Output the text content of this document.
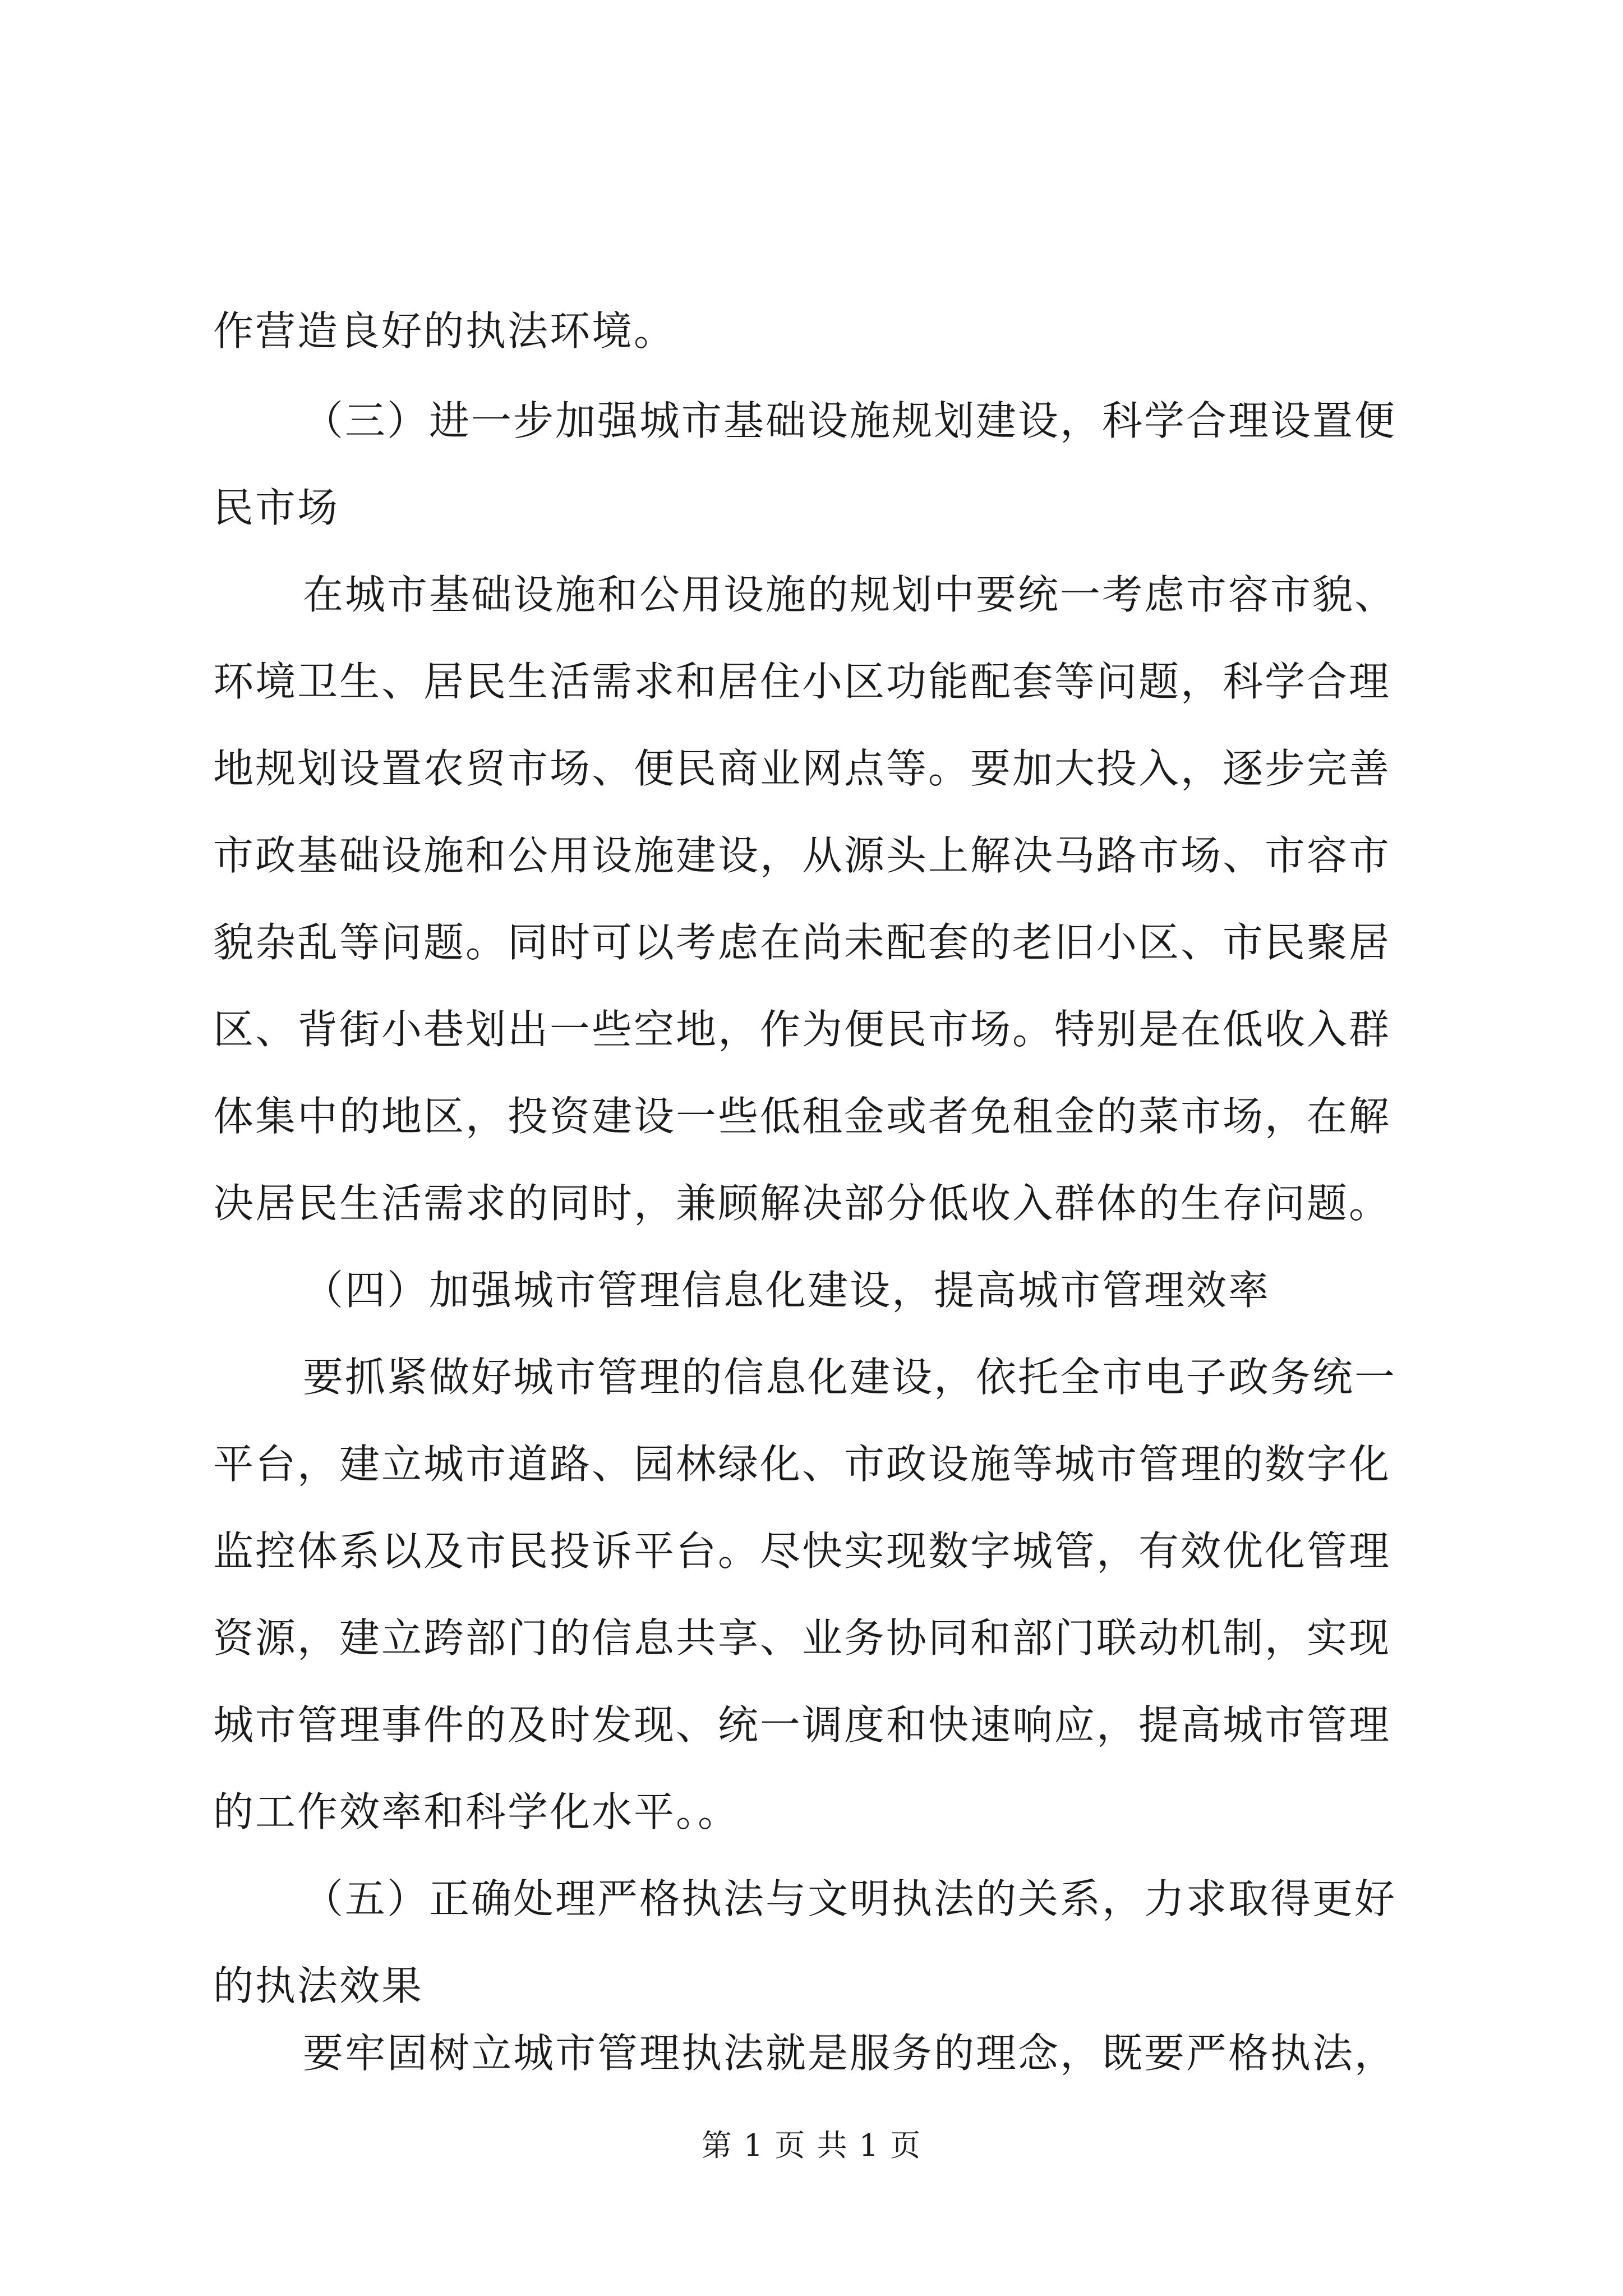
作营造良好的执法环境。
（三）进一步加强城市基础设施规划建设，科学合理设置便
民市场
在城市基础设施和公用设施的规划中要统一考虑市容市貌、
环境卫生、居民生活需求和居住小区功能配套等问题，科学合理
地规划设置农贸市场、便民商业网点等。要加大投入，逐步完善
市政基础设施和公用设施建设，从源头上解决马路市场、市容市
貌杂乱等问题。同时可以考虑在尚未配套的老旧小区、市民聚居
区、背街小巷划出一些空地，作为便民市场。特别是在低收入群
体集中的地区，投资建设一些低租金或者免租金的菜市场，在解
决居民生活需求的同时，兼顾解决部分低收入群体的生存问题。
（四）加强城市管理信息化建设，提高城市管理效率
要抓紧做好城市管理的信息化建设，依托全市电子政务统一
平台，建立城市道路、园林绿化、市政设施等城市管理的数字化
监控体系以及市民投诉平台。尽快实现数字城管，有效优化管理
资源，建立跨部门的信息共享、业务协同和部门联动机制，实现
城市管理事件的及时发现、统一调度和快速响应，提高城市管理
的工作效率和科学化水平。。
（五）正确处理严格执法与文明执法的关系，力求取得更好
的执法效果
要牢固树立城市管理执法就是服务的理念，既要严格执法，
第 1 页 共 1 页
